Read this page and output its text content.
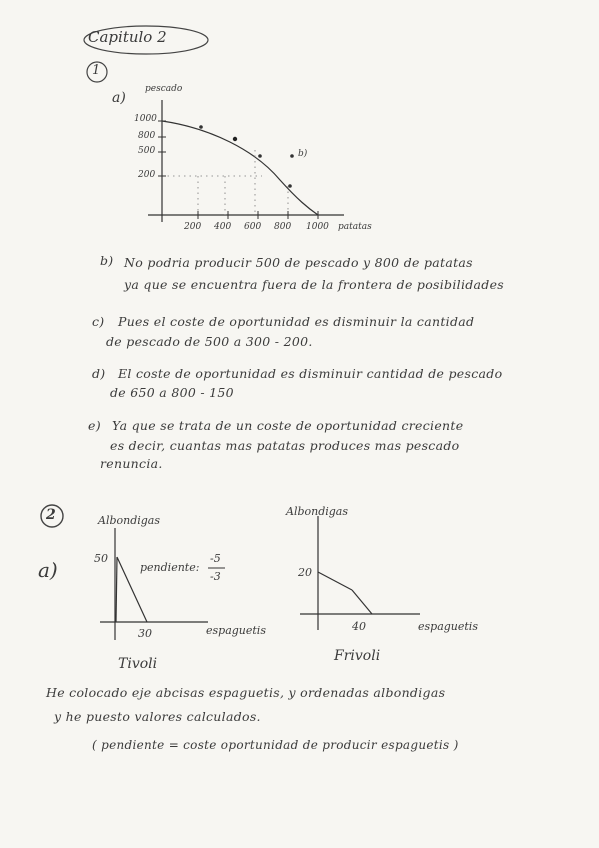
Capitulo 2
1
a)
pescado
patatas
1000
800
500
200
200 400 600 800 1000
b)
b) No podria producir 500 de pescado y 800 de patatas
ya que se encuentra fuera de la frontera de posibilidades
c) Pues el coste de oportunidad es disminuir la cantidad
de pescado de 500 a 300 - 200.
d) El coste de oportunidad es disminuir cantidad de pescado
de 650 a 800 - 150
e) Ya que se trata de un coste de oportunidad creciente
es decir, cuantas mas patatas produces mas pescado
renuncia.
2
a)
Albondigas
50
30	espaguetis
pendiente:
-5
-3
Tivoli
Albondigas
20
40	espaguetis
Frivoli
He colocado eje abcisas espaguetis, y ordenadas albondigas
y he puesto valores calculados.
( pendiente = coste oportunidad de producir espaguetis )
